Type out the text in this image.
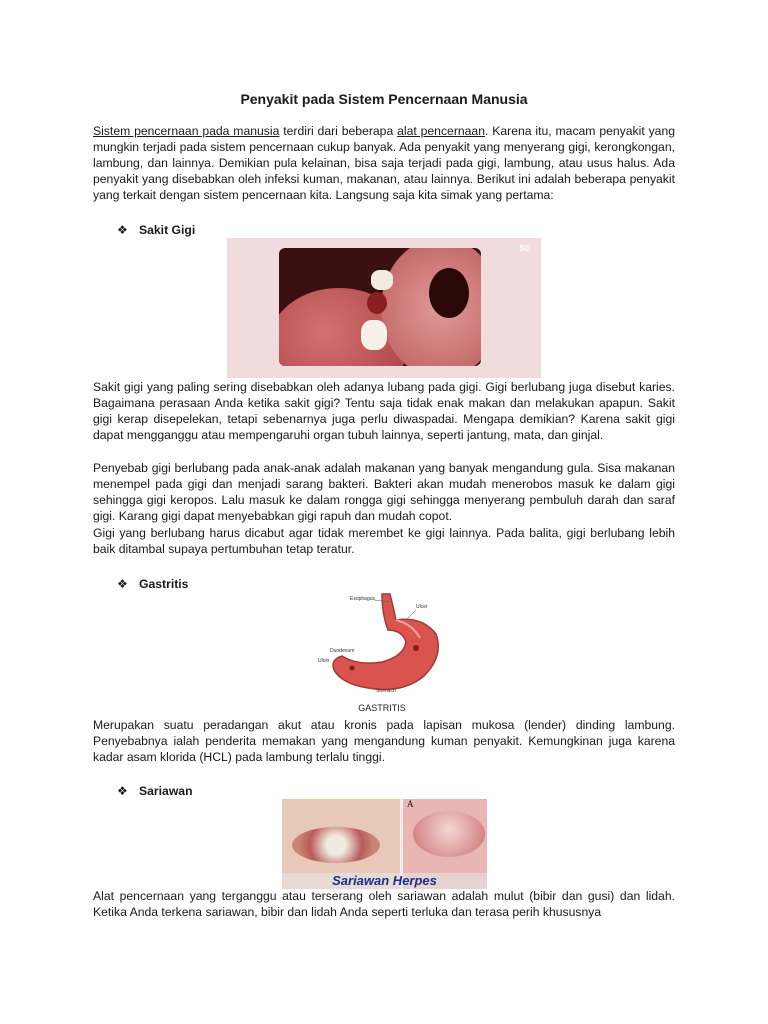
Penyakit pada Sistem Pencernaan Manusia
Sistem pencernaan pada manusia terdiri dari beberapa alat pencernaan. Karena itu, macam penyakit yang mungkin terjadi pada sistem pencernaan cukup banyak. Ada penyakit yang menyerang gigi, kerongkongan, lambung, dan lainnya. Demikian pula kelainan, bisa saja terjadi pada gigi, lambung, atau usus halus. Ada penyakit yang disebabkan oleh infeksi kuman, makanan, atau lainnya. Berikut ini adalah beberapa penyakit yang terkait dengan sistem pencernaan kita. Langsung saja kita simak yang pertama:
❖ Sakit Gigi
S0
Sakit gigi yang paling sering disebabkan oleh adanya lubang pada gigi. Gigi berlubang juga disebut karies. Bagaimana perasaan Anda ketika sakit gigi? Tentu saja tidak enak makan dan melakukan apapun. Sakit gigi kerap disepelekan, tetapi sebenarnya juga perlu diwaspadai. Mengapa demikian? Karena sakit gigi dapat mengganggu atau mempengaruhi organ tubuh lainnya, seperti jantung, mata, dan ginjal.
Penyebab gigi berlubang pada anak-anak adalah makanan yang banyak mengandung gula. Sisa makanan menempel pada gigi dan menjadi sarang bakteri. Bakteri akan mudah menerobos masuk ke dalam gigi sehingga gigi keropos. Lalu masuk ke dalam rongga gigi sehingga menyerang pembuluh darah dan saraf gigi. Karang gigi dapat menyebabkan gigi rapuh dan mudah copot.
Gigi yang berlubang harus dicabut agar tidak merembet ke gigi lainnya. Pada balita, gigi berlubang lebih baik ditambal supaya pertumbuhan tetap teratur.
❖ Gastritis
Esophagus
Ulcer
Duodenum
Ulcer
Stomach
GASTRITIS
Merupakan suatu peradangan akut atau kronis pada lapisan mukosa (lender) dinding lambung. Penyebabnya ialah penderita memakan yang mengandung kuman penyakit. Kemungkinan juga karena kadar asam klorida (HCL) pada lambung terlalu tinggi.
❖ Sariawan
A
Sariawan Herpes
Alat pencernaan yang terganggu atau terserang oleh sariawan adalah mulut (bibir dan gusi) dan lidah. Ketika Anda terkena sariawan, bibir dan lidah Anda seperti terluka dan terasa perih khususnya
